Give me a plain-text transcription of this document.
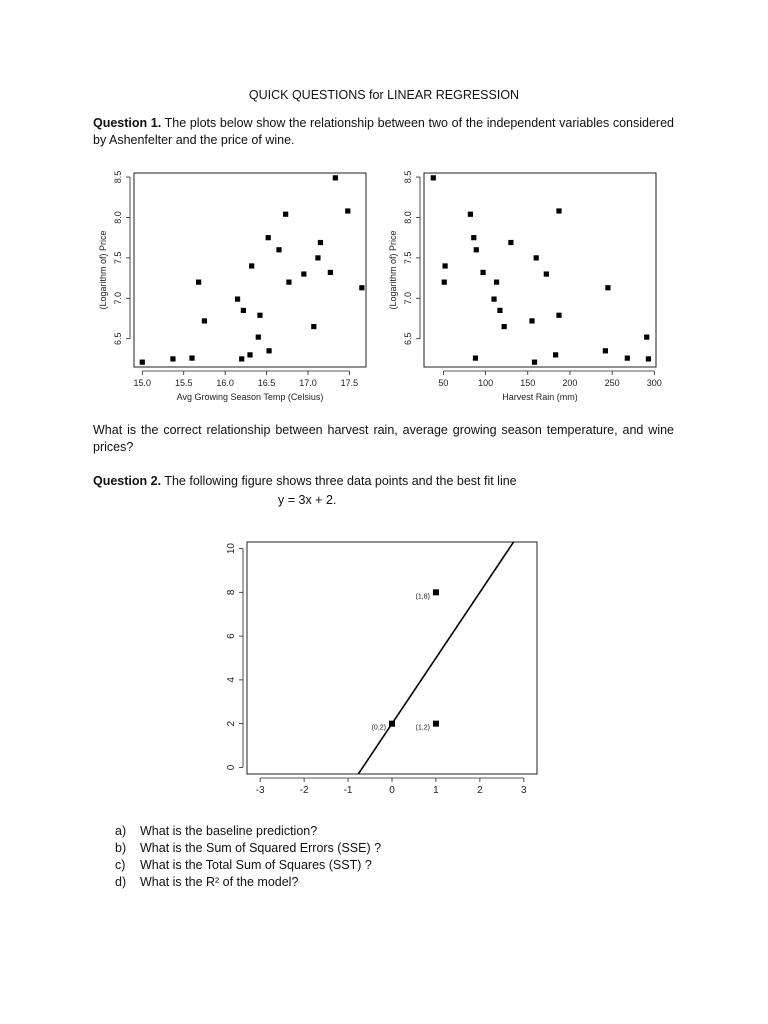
QUICK QUESTIONS for LINEAR REGRESSION
Question 1. The plots below show the relationship between two of the independent variables considered by Ashenfelter and the price of wine.
15.0	15.5	16.0	16.5	17.0	17.5
6.5
7.0
7.5
8.0
8.5
Avg Growing Season Temp (Celsius)
(Logarithm of) Price
50	100	150	200	250	300
6.5
7.0
7.5
8.0
8.5
Harvest Rain (mm)
(Logarithm of) Price
What is the correct relationship between harvest rain, average growing season temperature, and wine prices?
Question 2. The following figure shows three data points and the best fit line
y = 3x + 2.
-3	-2	-1	0	1	2	3
0
2
4
6
8
10
(0,2)
(1,8)
(1,2)
a)	What is the baseline prediction?
b)	What is the Sum of Squared Errors (SSE) ?
c)	What is the Total Sum of Squares (SST) ?
d)	What is the R² of the model?
